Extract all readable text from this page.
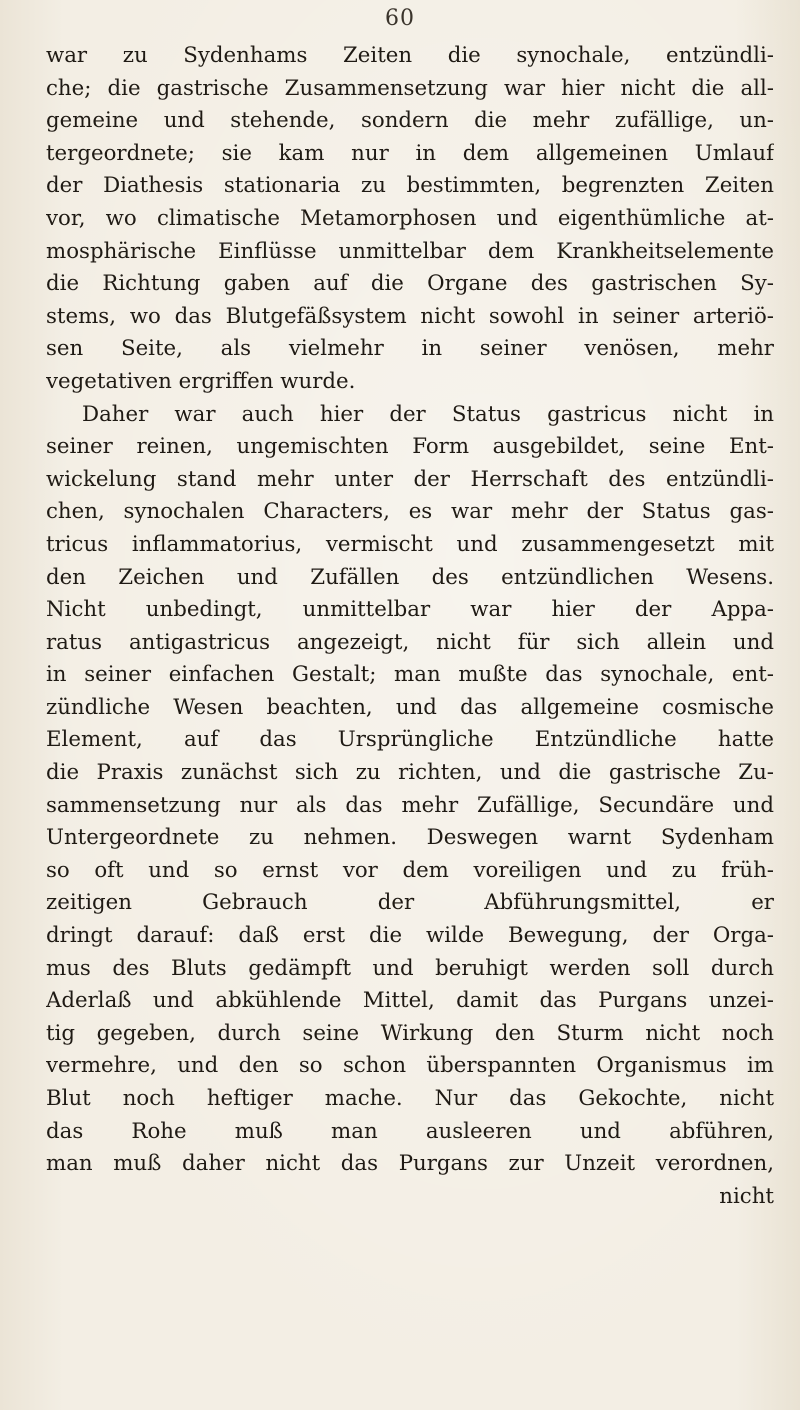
60
war zu Sydenhams Zeiten die synochale, entzündli-
che; die gastrische Zusammensetzung war hier nicht die all-
gemeine und stehende, sondern die mehr zufällige, un-
tergeordnete; sie kam nur in dem allgemeinen Umlauf
der Diathesis stationaria zu bestimmten, begrenzten Zeiten
vor, wo climatische Metamorphosen und eigenthümliche at-
mosphärische Einflüsse unmittelbar dem Krankheitselemente
die Richtung gaben auf die Organe des gastrischen Sy-
stems, wo das Blutgefäßsystem nicht sowohl in seiner arteriö-
sen Seite, als vielmehr in seiner venösen, mehr
vegetativen ergriffen wurde.
Daher war auch hier der Status gastricus nicht in
seiner reinen, ungemischten Form ausgebildet, seine Ent-
wickelung stand mehr unter der Herrschaft des entzündli-
chen, synochalen Characters, es war mehr der Status gas-
tricus inflammatorius, vermischt und zusammengesetzt mit
den Zeichen und Zufällen des entzündlichen Wesens.
Nicht unbedingt, unmittelbar war hier der Appa-
ratus antigastricus angezeigt, nicht für sich allein und
in seiner einfachen Gestalt; man mußte das synochale, ent-
zündliche Wesen beachten, und das allgemeine cosmische
Element, auf das Ursprüngliche Entzündliche hatte
die Praxis zunächst sich zu richten, und die gastrische Zu-
sammensetzung nur als das mehr Zufällige, Secundäre und
Untergeordnete zu nehmen. Deswegen warnt Sydenham
so oft und so ernst vor dem voreiligen und zu früh-
zeitigen Gebrauch der Abführungsmittel, er
dringt darauf: daß erst die wilde Bewegung, der Orga-
mus des Bluts gedämpft und beruhigt werden soll durch
Aderlaß und abkühlende Mittel, damit das Purgans unzei-
tig gegeben, durch seine Wirkung den Sturm nicht noch
vermehre, und den so schon überspannten Organismus im
Blut noch heftiger mache. Nur das Gekochte, nicht
das Rohe muß man ausleeren und abführen,
man muß daher nicht das Purgans zur Unzeit verordnen,
nicht
